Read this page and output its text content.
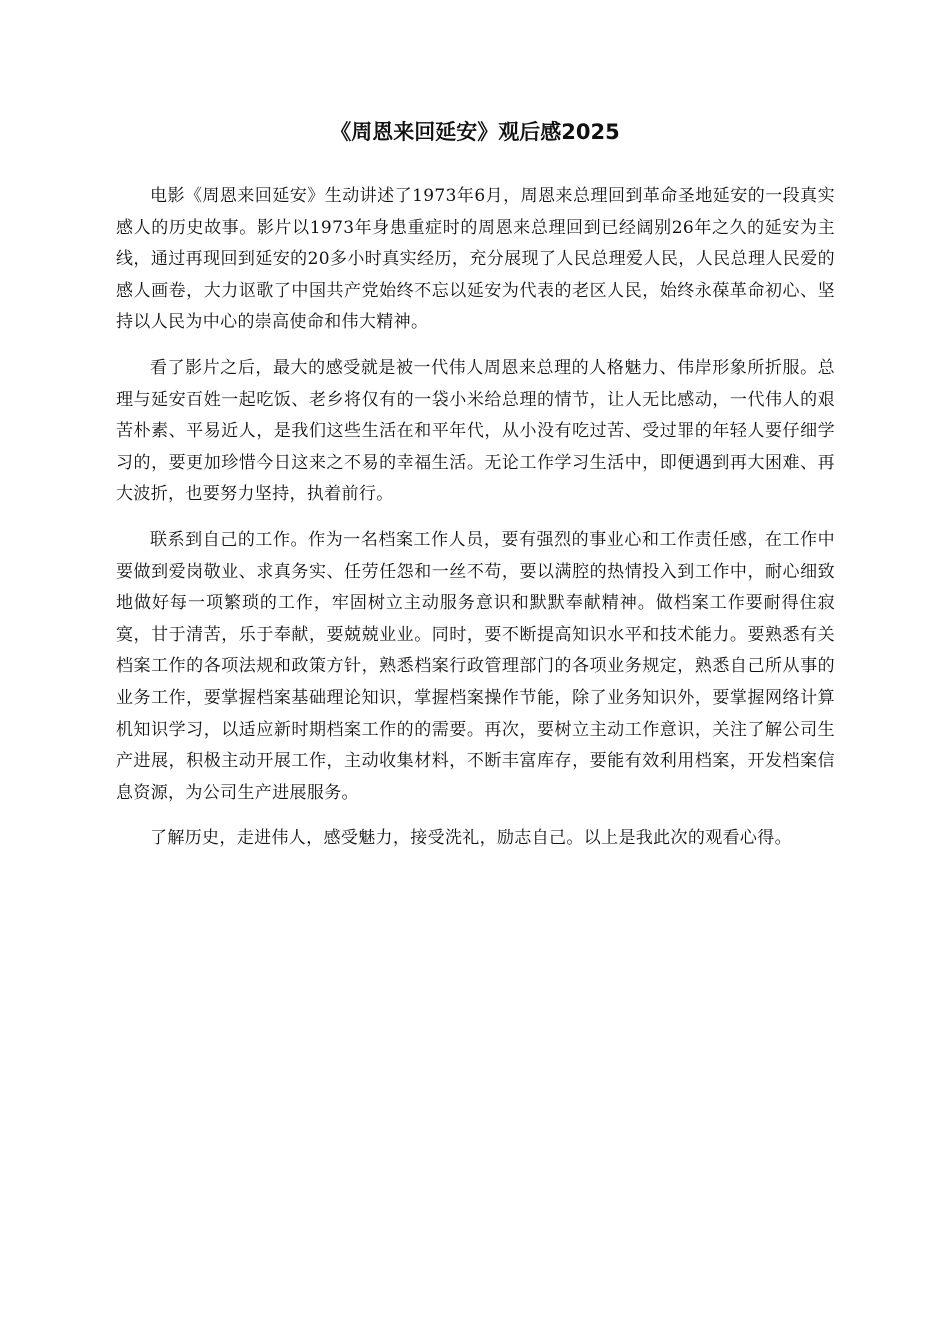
《周恩来回延安》观后感2025

电影《周恩来回延安》生动讲述了1973年6月，周恩来总理回到革命圣地延安的一段真实感人的历史故事。影片以1973年身患重症时的周恩来总理回到已经阔别26年之久的延安为主线，通过再现回到延安的20多小时真实经历，充分展现了人民总理爱人民，人民总理人民爱的感人画卷，大力讴歌了中国共产党始终不忘以延安为代表的老区人民，始终永葆革命初心、坚持以人民为中心的崇高使命和伟大精神。

看了影片之后，最大的感受就是被一代伟人周恩来总理的人格魅力、伟岸形象所折服。总理与延安百姓一起吃饭、老乡将仅有的一袋小米给总理的情节，让人无比感动，一代伟人的艰苦朴素、平易近人，是我们这些生活在和平年代，从小没有吃过苦、受过罪的年轻人要仔细学习的，要更加珍惜今日这来之不易的幸福生活。无论工作学习生活中，即便遇到再大困难、再大波折，也要努力坚持，执着前行。

联系到自己的工作。作为一名档案工作人员，要有强烈的事业心和工作责任感，在工作中要做到爱岗敬业、求真务实、任劳任怨和一丝不苟，要以满腔的热情投入到工作中，耐心细致地做好每一项繁琐的工作，牢固树立主动服务意识和默默奉献精神。做档案工作要耐得住寂寞，甘于清苦，乐于奉献，要兢兢业业。同时，要不断提高知识水平和技术能力。要熟悉有关档案工作的各项法规和政策方针，熟悉档案行政管理部门的各项业务规定，熟悉自己所从事的业务工作，要掌握档案基础理论知识，掌握档案操作节能，除了业务知识外，要掌握网络计算机知识学习，以适应新时期档案工作的的需要。再次，要树立主动工作意识，关注了解公司生产进展，积极主动开展工作，主动收集材料，不断丰富库存，要能有效利用档案，开发档案信息资源，为公司生产进展服务。

了解历史，走进伟人，感受魅力，接受洗礼，励志自己。以上是我此次的观看心得。
